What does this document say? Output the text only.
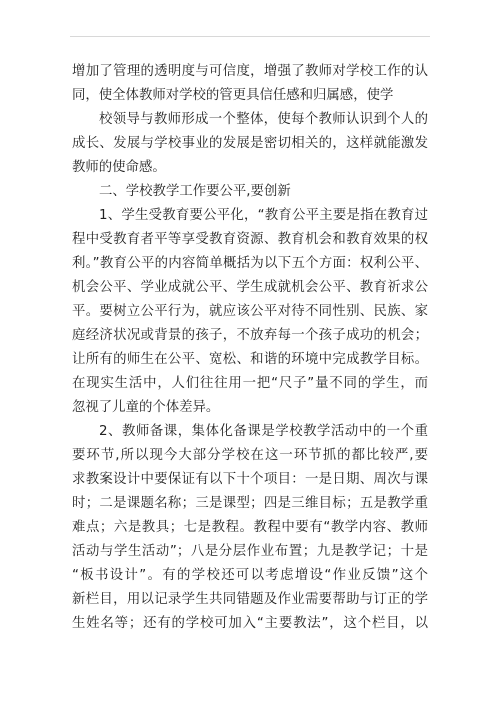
增加了管理的透明度与可信度，增强了教师对学校工作的认
同，使全体教师对学校的管更具信任感和归属感，使学
校领导与教师形成一个整体，使每个教师认识到个人的
成长、发展与学校事业的发展是密切相关的，这样就能激发
教师的使命感。
二、学校教学工作要公平,要创新
1、学生受教育要公平化，“教育公平主要是指在教育过
程中受教育者平等享受教育资源、教育机会和教育效果的权
利。”教育公平的内容简单概括为以下五个方面：权利公平、
机会公平、学业成就公平、学生成就机会公平、教育祈求公
平。要树立公平行为，就应该公平对待不同性别、民族、家
庭经济状况或背景的孩子，不放弃每一个孩子成功的机会；
让所有的师生在公平、宽松、和谐的环境中完成教学目标。
在现实生活中，人们往往用一把“尺子”量不同的学生，而
忽视了儿童的个体差异。
2、教师备课，集体化备课是学校教学活动中的一个重
要环节,所以现今大部分学校在这一环节抓的都比较严,要
求教案设计中要保证有以下十个项目：一是日期、周次与课
时；二是课题名称；三是课型；四是三维目标；五是教学重
难点；六是教具；七是教程。教程中要有“教学内容、教师
活动与学生活动”；八是分层作业布置；九是教学记；十是
“板书设计”。有的学校还可以考虑增设“作业反馈”这个
新栏目，用以记录学生共同错题及作业需要帮助与订正的学
生姓名等；还有的学校可加入“主要教法”，这个栏目，以
